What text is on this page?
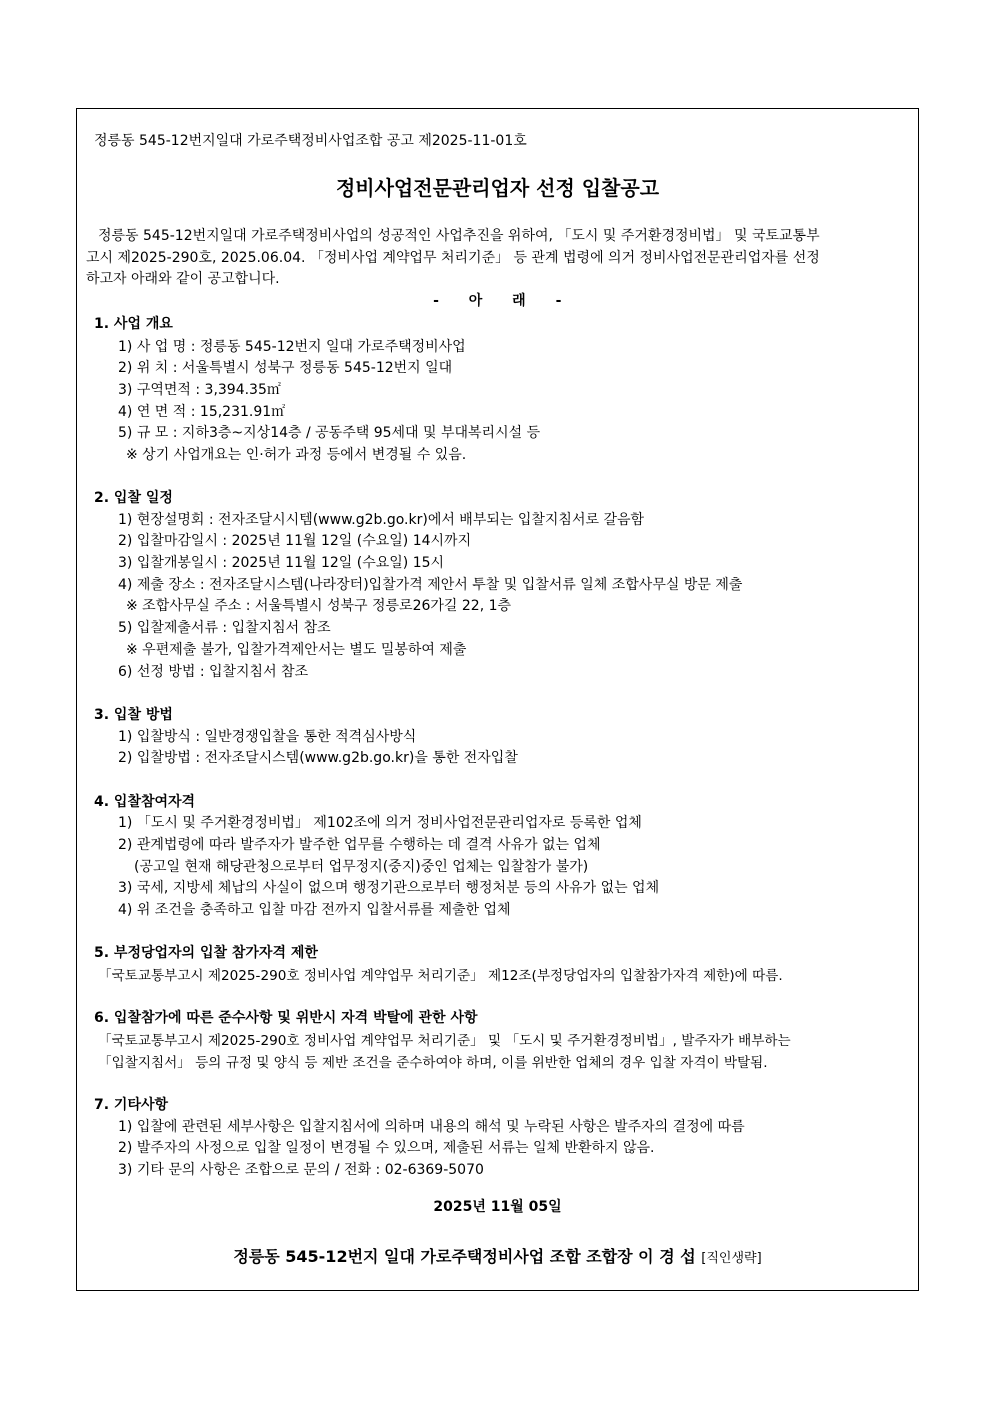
정릉동 545-12번지일대 가로주택정비사업조합 공고 제2025-11-01호
정비사업전문관리업자 선정 입찰공고
정릉동 545-12번지일대 가로주택정비사업의 성공적인 사업추진을 위하여, 「도시 및 주거환경정비법」 및 국토교통부
고시 제2025-290호, 2025.06.04. 「정비사업 계약업무 처리기준」 등 관계 법령에 의거 정비사업전문관리업자를 선정
하고자 아래와 같이 공고합니다.
- 아 래 -
1. 사업 개요
1) 사 업 명 : 정릉동 545-12번지 일대 가로주택정비사업
2) 위 치 : 서울특별시 성북구 정릉동 545-12번지 일대
3) 구역면적 : 3,394.35㎡
4) 연 면 적 : 15,231.91㎡
5) 규 모 : 지하3층~지상14층 / 공동주택 95세대 및 부대복리시설 등
※ 상기 사업개요는 인·허가 과정 등에서 변경될 수 있음.
2. 입찰 일정
1) 현장설명회 : 전자조달시시템(www.g2b.go.kr)에서 배부되는 입찰지침서로 갈음함
2) 입찰마감일시 : 2025년 11월 12일 (수요일) 14시까지
3) 입찰개봉일시 : 2025년 11월 12일 (수요일) 15시
4) 제출 장소 : 전자조달시스템(나라장터)입찰가격 제안서 투찰 및 입찰서류 일체 조합사무실 방문 제출
※ 조합사무실 주소 : 서울특별시 성북구 정릉로26가길 22, 1층
5) 입찰제출서류 : 입찰지침서 참조
※ 우편제출 불가, 입찰가격제안서는 별도 밀봉하여 제출
6) 선정 방법 : 입찰지침서 참조
3. 입찰 방법
1) 입찰방식 : 일반경쟁입찰을 통한 적격심사방식
2) 입찰방법 : 전자조달시스템(www.g2b.go.kr)을 통한 전자입찰
4. 입찰참여자격
1) 「도시 및 주거환경정비법」 제102조에 의거 정비사업전문관리업자로 등록한 업체
2) 관계법령에 따라 발주자가 발주한 업무를 수행하는 데 결격 사유가 없는 업체
(공고일 현재 해당관청으로부터 업무정지(중지)중인 업체는 입찰참가 불가)
3) 국세, 지방세 체납의 사실이 없으며 행정기관으로부터 행정처분 등의 사유가 없는 업체
4) 위 조건을 충족하고 입찰 마감 전까지 입찰서류를 제출한 업체
5. 부정당업자의 입찰 참가자격 제한
「국토교통부고시 제2025-290호 정비사업 계약업무 처리기준」 제12조(부정당업자의 입찰참가자격 제한)에 따름.
6. 입찰참가에 따른 준수사항 및 위반시 자격 박탈에 관한 사항
「국토교통부고시 제2025-290호 정비사업 계약업무 처리기준」 및 「도시 및 주거환경정비법」, 발주자가 배부하는
「입찰지침서」 등의 규정 및 양식 등 제반 조건을 준수하여야 하며, 이를 위반한 업체의 경우 입찰 자격이 박탈됨.
7. 기타사항
1) 입찰에 관련된 세부사항은 입찰지침서에 의하며 내용의 해석 및 누락된 사항은 발주자의 결정에 따름
2) 발주자의 사정으로 입찰 일정이 변경될 수 있으며, 제출된 서류는 일체 반환하지 않음.
3) 기타 문의 사항은 조합으로 문의 / 전화 : 02-6369-5070
2025년 11월 05일
정릉동 545-12번지 일대 가로주택정비사업 조합 조합장 이 경 섭 [직인생략]
